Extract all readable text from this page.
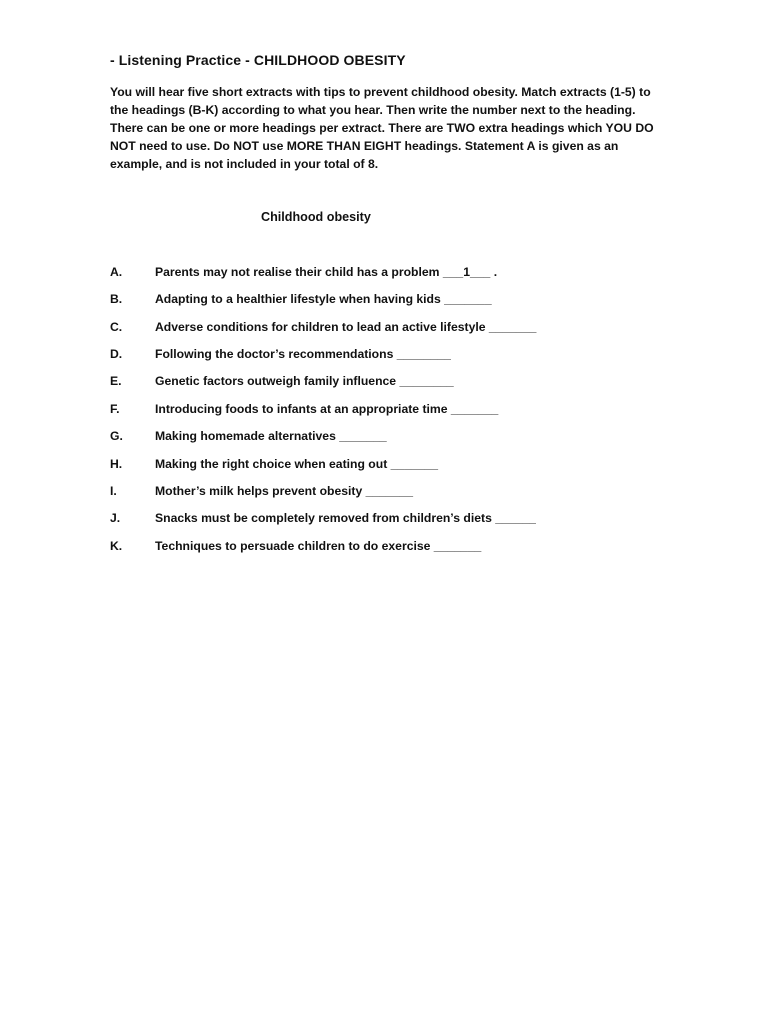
- Listening Practice - CHILDHOOD OBESITY
You will hear five short extracts with tips to prevent childhood obesity. Match extracts (1-5) to the headings (B-K) according to what you hear. Then write the number next to the heading. There can be one or more headings per extract. There are TWO extra headings which YOU DO NOT need to use. Do NOT use MORE THAN EIGHT headings. Statement A is given as an example, and is not included in your total of 8.
Childhood obesity
A.	Parents may not realise their child has a problem ___1___ .
B.	Adapting to a healthier lifestyle when having kids _______
C.	Adverse conditions for children to lead an active lifestyle _______
D.	Following the doctor’s recommendations ________
E.	Genetic factors outweigh family influence ________
F.	Introducing foods to infants at an appropriate time _______
G.	Making homemade alternatives _______
H.	Making the right choice when eating out _______
I.	Mother’s milk helps prevent obesity _______
J.	Snacks must be completely removed from children’s diets ______
K.	Techniques to persuade children to do exercise _______
